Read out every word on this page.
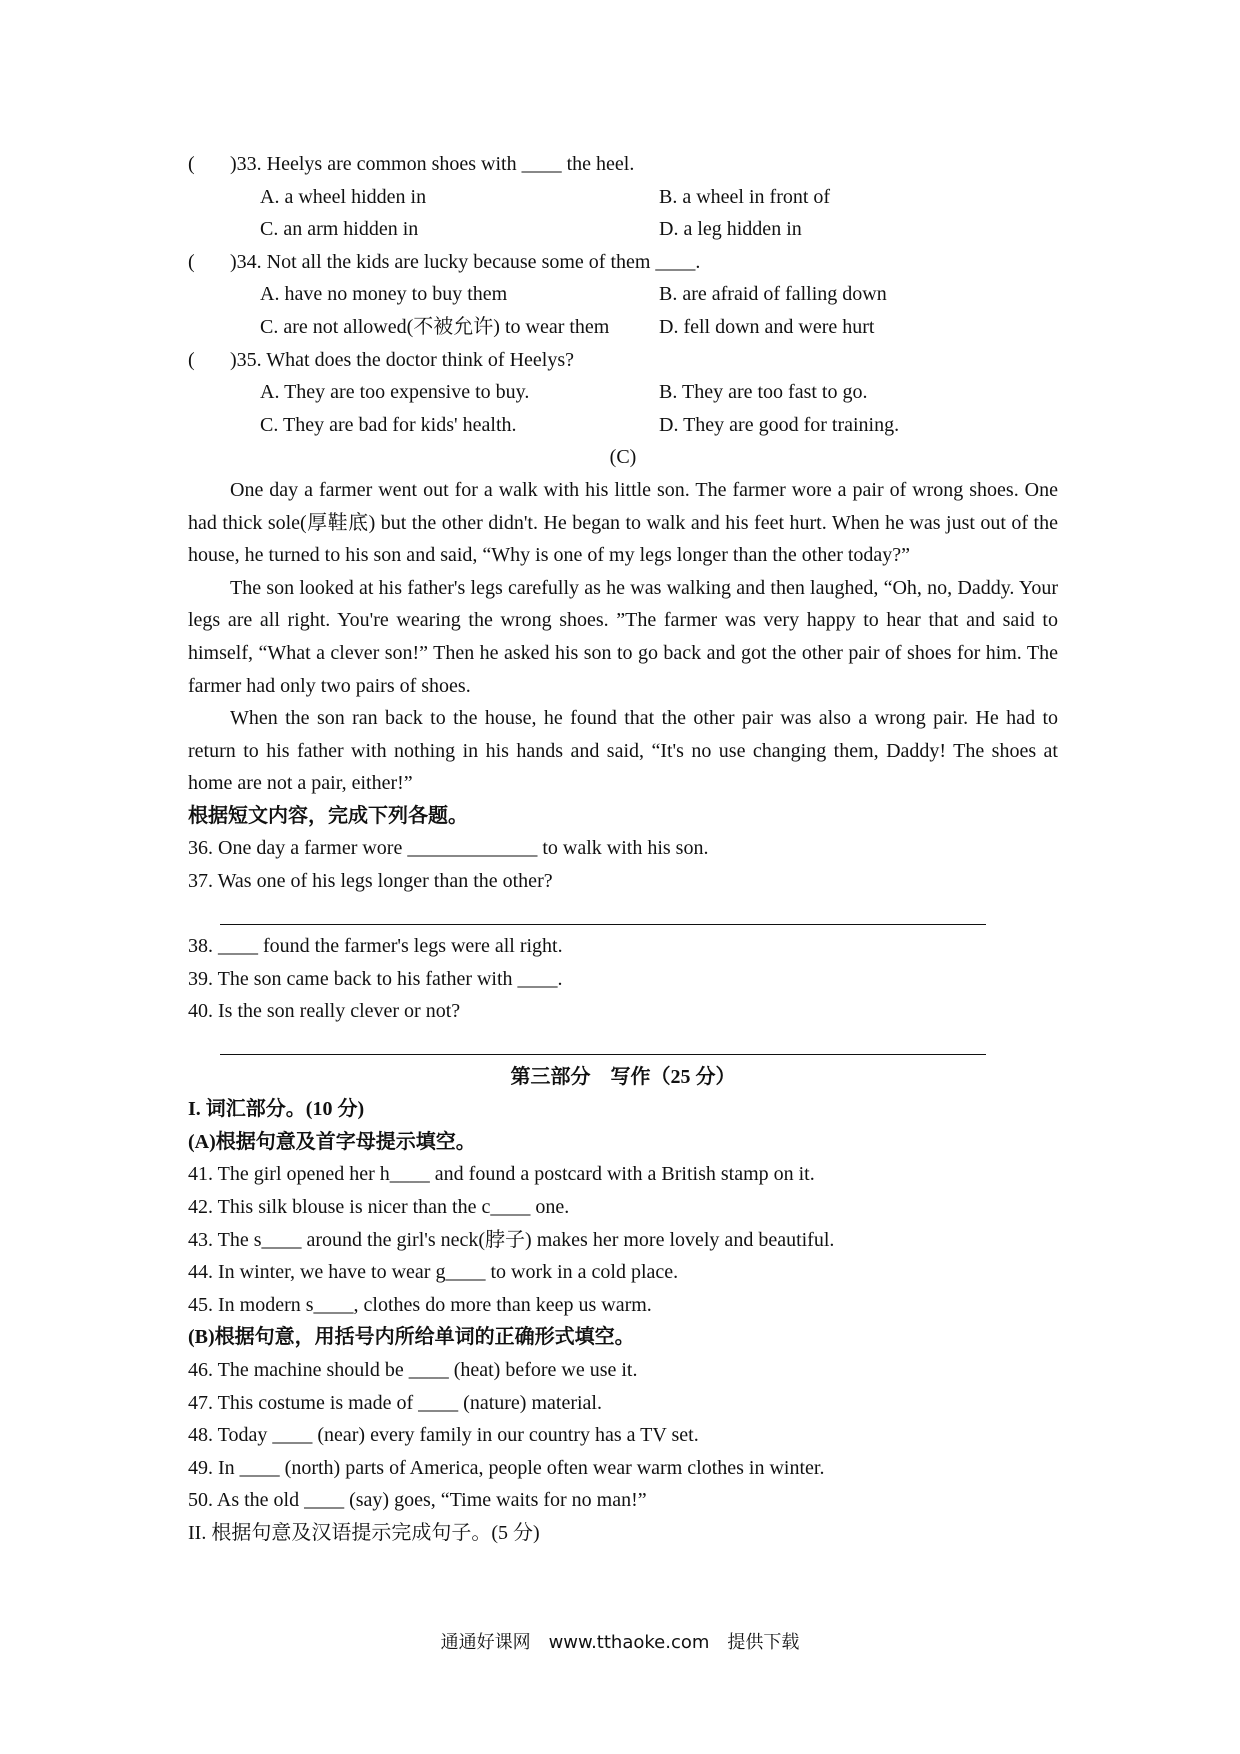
(	)33. Heelys are common shoes with ____ the heel.
A. a wheel hidden in	B. a wheel in front of
C. an arm hidden in	D. a leg hidden in
(	)34. Not all the kids are lucky because some of them ____.
A. have no money to buy them	B. are afraid of falling down
C. are not allowed(不被允许) to wear them	D. fell down and were hurt
(	)35. What does the doctor think of Heelys?
A. They are too expensive to buy.	B. They are too fast to go.
C. They are bad for kids' health.	D. They are good for training.
(C)

One day a farmer went out for a walk with his little son. The farmer wore a pair of wrong shoes. One had thick sole(厚鞋底) but the other didn't. He began to walk and his feet hurt. When he was just out of the house, he turned to his son and said, “Why is one of my legs longer than the other today?”

The son looked at his father's legs carefully as he was walking and then laughed, “Oh, no, Daddy. Your legs are all right. You're wearing the wrong shoes. ”The farmer was very happy to hear that and said to himself, “What a clever son!” Then he asked his son to go back and got the other pair of shoes for him. The farmer had only two pairs of shoes.

When the son ran back to the house, he found that the other pair was also a wrong pair. He had to return to his father with nothing in his hands and said, “It's no use changing them, Daddy! The shoes at home are not a pair, either!”

根据短文内容，完成下列各题。
36. One day a farmer wore _____________ to walk with his son.
37. Was one of his legs longer than the other?
38. ____ found the farmer's legs were all right.
39. The son came back to his father with ____.
40. Is the son really clever or not?
第三部分　写作（25 分）
I. 词汇部分。(10 分)
(A)根据句意及首字母提示填空。
41. The girl opened her h____ and found a postcard with a British stamp on it.
42. This silk blouse is nicer than the c____ one.
43. The s____ around the girl's neck(脖子) makes her more lovely and beautiful.
44. In winter, we have to wear g____ to work in a cold place.
45. In modern s____, clothes do more than keep us warm.
(B)根据句意，用括号内所给单词的正确形式填空。
46. The machine should be ____ (heat) before we use it.
47. This costume is made of ____ (nature) material.
48. Today ____ (near) every family in our country has a TV set.
49. In ____ (north) parts of America, people often wear warm clothes in winter.
50. As the old ____ (say) goes, “Time waits for no man!”
II. 根据句意及汉语提示完成句子。(5 分)
通通好课网　www.tthaoke.com　提供下载
